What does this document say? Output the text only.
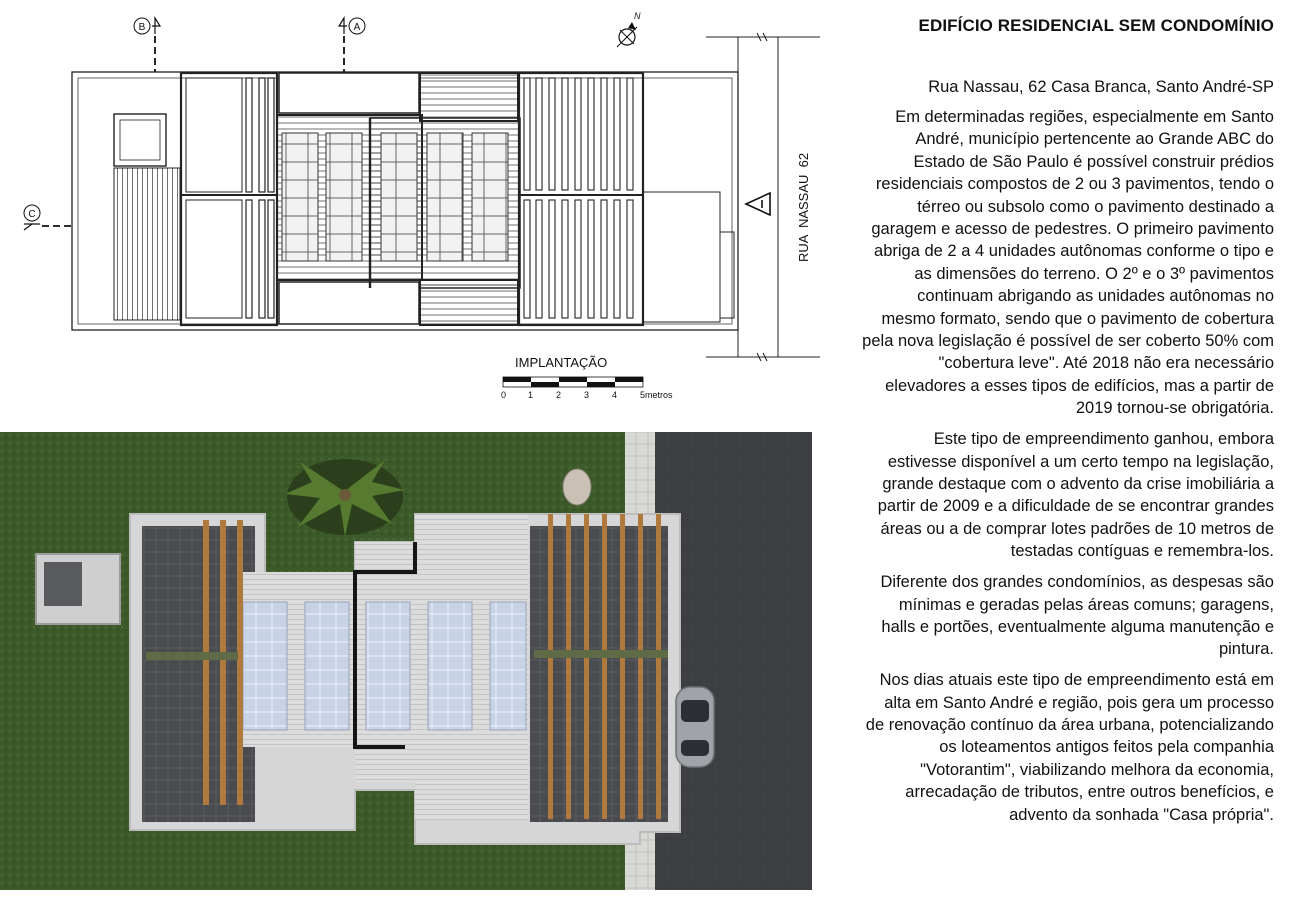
RUA  NASSAU  62
B	A
C
N
IMPLANTAÇÃO
0 1	2	3	4	5metros
EDIFÍCIO RESIDENCIAL SEM CONDOMÍNIO

Rua Nassau, 62 Casa Branca, Santo André-SP

Em determinadas regiões, especialmente em Santo André, município pertencente ao Grande ABC do Estado de São Paulo é possível construir prédios residenciais compostos de 2 ou 3 pavimentos, tendo o térreo ou subsolo como o pavimento destinado a garagem e acesso de pedestres. O primeiro pavimento abriga de 2 a 4 unidades autônomas conforme o tipo e as dimensões do terreno. O 2º e o 3º pavimentos continuam abrigando as unidades autônomas no mesmo formato, sendo que o pavimento de cobertura pela nova legislação é possível de ser coberto 50% com "cobertura leve". Até 2018 não era necessário elevadores a esses tipos de edifícios, mas a partir de 2019 tornou-se obrigatória.

Este tipo de empreendimento ganhou, embora estivesse disponível a um certo tempo na legislação, grande destaque com o advento da crise imobiliária a partir de 2009 e a dificuldade de se encontrar grandes áreas ou a de comprar lotes padrões de 10 metros de testadas contíguas e remembra-los.

Diferente dos grandes condomínios, as despesas são mínimas e geradas pelas áreas comuns; garagens, halls e portões, eventualmente alguma manutenção e pintura.

Nos dias atuais este tipo de empreendimento está em alta em Santo André e região, pois gera um processo de renovação contínuo da área urbana, potencializando os loteamentos antigos feitos pela companhia "Votorantim", viabilizando melhora da economia, arrecadação de tributos, entre outros benefícios, e advento da sonhada "Casa própria".
